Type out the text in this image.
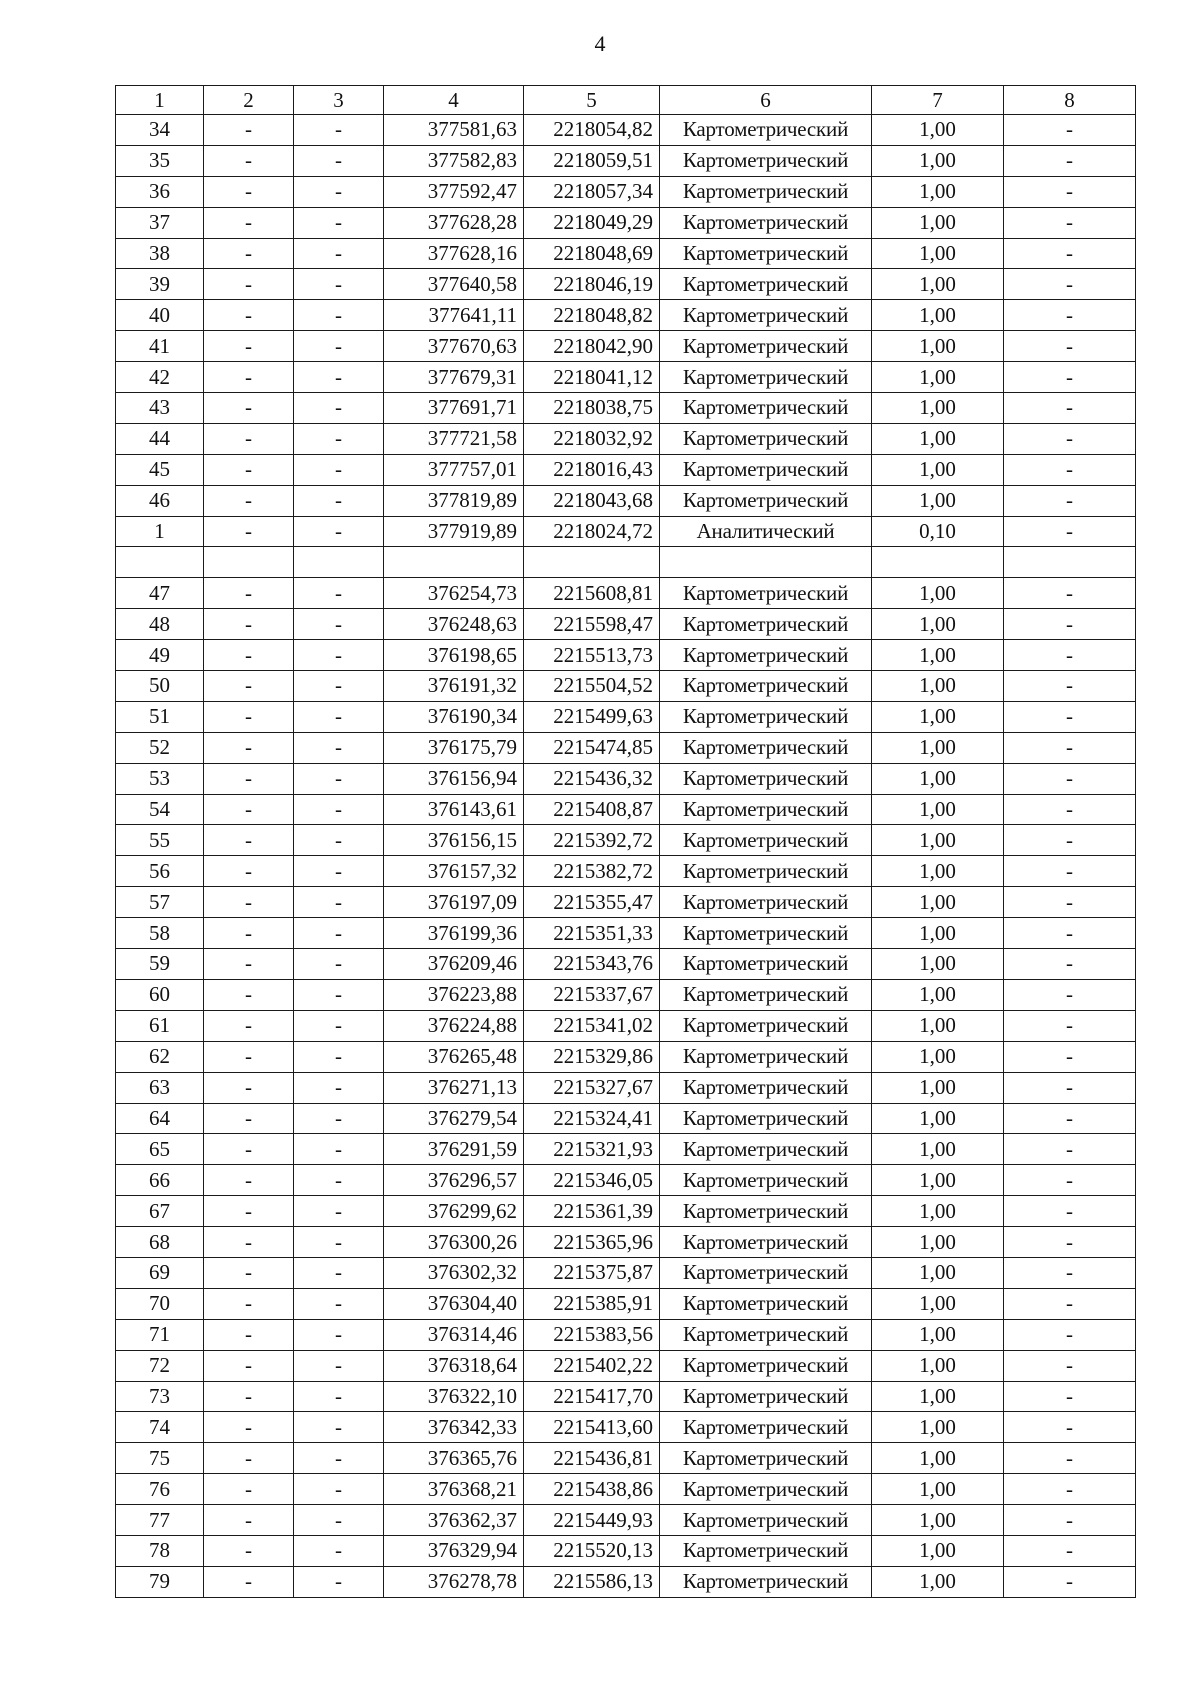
4
1	2	3	4	5	6	7	8
34	-	-	377581,63	2218054,82	Картометрический	1,00	-
35	-	-	377582,83	2218059,51	Картометрический	1,00	-
36	-	-	377592,47	2218057,34	Картометрический	1,00	-
37	-	-	377628,28	2218049,29	Картометрический	1,00	-
38	-	-	377628,16	2218048,69	Картометрический	1,00	-
39	-	-	377640,58	2218046,19	Картометрический	1,00	-
40	-	-	377641,11	2218048,82	Картометрический	1,00	-
41	-	-	377670,63	2218042,90	Картометрический	1,00	-
42	-	-	377679,31	2218041,12	Картометрический	1,00	-
43	-	-	377691,71	2218038,75	Картометрический	1,00	-
44	-	-	377721,58	2218032,92	Картометрический	1,00	-
45	-	-	377757,01	2218016,43	Картометрический	1,00	-
46	-	-	377819,89	2218043,68	Картометрический	1,00	-
1	-	-	377919,89	2218024,72	Аналитический	0,10	-

47	-	-	376254,73	2215608,81	Картометрический	1,00	-
48	-	-	376248,63	2215598,47	Картометрический	1,00	-
49	-	-	376198,65	2215513,73	Картометрический	1,00	-
50	-	-	376191,32	2215504,52	Картометрический	1,00	-
51	-	-	376190,34	2215499,63	Картометрический	1,00	-
52	-	-	376175,79	2215474,85	Картометрический	1,00	-
53	-	-	376156,94	2215436,32	Картометрический	1,00	-
54	-	-	376143,61	2215408,87	Картометрический	1,00	-
55	-	-	376156,15	2215392,72	Картометрический	1,00	-
56	-	-	376157,32	2215382,72	Картометрический	1,00	-
57	-	-	376197,09	2215355,47	Картометрический	1,00	-
58	-	-	376199,36	2215351,33	Картометрический	1,00	-
59	-	-	376209,46	2215343,76	Картометрический	1,00	-
60	-	-	376223,88	2215337,67	Картометрический	1,00	-
61	-	-	376224,88	2215341,02	Картометрический	1,00	-
62	-	-	376265,48	2215329,86	Картометрический	1,00	-
63	-	-	376271,13	2215327,67	Картометрический	1,00	-
64	-	-	376279,54	2215324,41	Картометрический	1,00	-
65	-	-	376291,59	2215321,93	Картометрический	1,00	-
66	-	-	376296,57	2215346,05	Картометрический	1,00	-
67	-	-	376299,62	2215361,39	Картометрический	1,00	-
68	-	-	376300,26	2215365,96	Картометрический	1,00	-
69	-	-	376302,32	2215375,87	Картометрический	1,00	-
70	-	-	376304,40	2215385,91	Картометрический	1,00	-
71	-	-	376314,46	2215383,56	Картометрический	1,00	-
72	-	-	376318,64	2215402,22	Картометрический	1,00	-
73	-	-	376322,10	2215417,70	Картометрический	1,00	-
74	-	-	376342,33	2215413,60	Картометрический	1,00	-
75	-	-	376365,76	2215436,81	Картометрический	1,00	-
76	-	-	376368,21	2215438,86	Картометрический	1,00	-
77	-	-	376362,37	2215449,93	Картометрический	1,00	-
78	-	-	376329,94	2215520,13	Картометрический	1,00	-
79	-	-	376278,78	2215586,13	Картометрический	1,00	-
